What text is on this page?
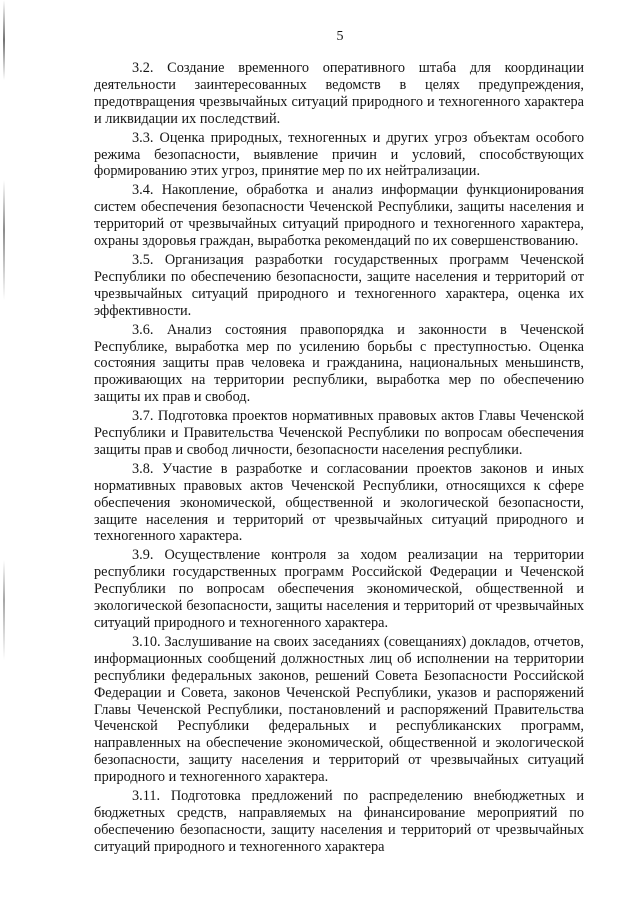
5

3.2. Создание временного оперативного штаба для координации деятельности заинтересованных ведомств в целях предупреждения, предотвращения чрезвычайных ситуаций природного и техногенного характера и ликвидации их последствий.

3.3. Оценка природных, техногенных и других угроз объектам особого режима безопасности, выявление причин и условий, способствующих формированию этих угроз, принятие мер по их нейтрализации.

3.4. Накопление, обработка и анализ информации функционирования систем обеспечения безопасности Чеченской Республики, защиты населения и территорий от чрезвычайных ситуаций природного и техногенного характера, охраны здоровья граждан, выработка рекомендаций по их совершенствованию.

3.5. Организация разработки государственных программ Чеченской Республики по обеспечению безопасности, защите населения и территорий от чрезвычайных ситуаций природного и техногенного характера, оценка их эффективности.

3.6. Анализ состояния правопорядка и законности в Чеченской Республике, выработка мер по усилению борьбы с преступностью. Оценка состояния защиты прав человека и гражданина, национальных меньшинств, проживающих на территории республики, выработка мер по обеспечению защиты их прав и свобод.

3.7. Подготовка проектов нормативных правовых актов Главы Чеченской Республики и Правительства Чеченской Республики по вопросам обеспечения защиты прав и свобод личности, безопасности населения республики.

3.8. Участие в разработке и согласовании проектов законов и иных нормативных правовых актов Чеченской Республики, относящихся к сфере обеспечения экономической, общественной и экологической безопасности, защите населения и территорий от чрезвычайных ситуаций природного и техногенного характера.

3.9. Осуществление контроля за ходом реализации на территории республики государственных программ Российской Федерации и Чеченской Республики по вопросам обеспечения экономической, общественной и экологической безопасности, защиты населения и территорий от чрезвычайных ситуаций природного и техногенного характера.

3.10. Заслушивание на своих заседаниях (совещаниях) докладов, отчетов, информационных сообщений должностных лиц об исполнении на территории республики федеральных законов, решений Совета Безопасности Российской Федерации и Совета, законов Чеченской Республики, указов и распоряжений Главы Чеченской Республики, постановлений и распоряжений Правительства Чеченской Республики федеральных и республиканских программ, направленных на обеспечение экономической, общественной и экологической безопасности, защиту населения и территорий от чрезвычайных ситуаций природного и техногенного характера.

3.11. Подготовка предложений по распределению внебюджетных и бюджетных средств, направляемых на финансирование мероприятий по обеспечению безопасности, защиту населения и территорий от чрезвычайных ситуаций природного и техногенного характера
